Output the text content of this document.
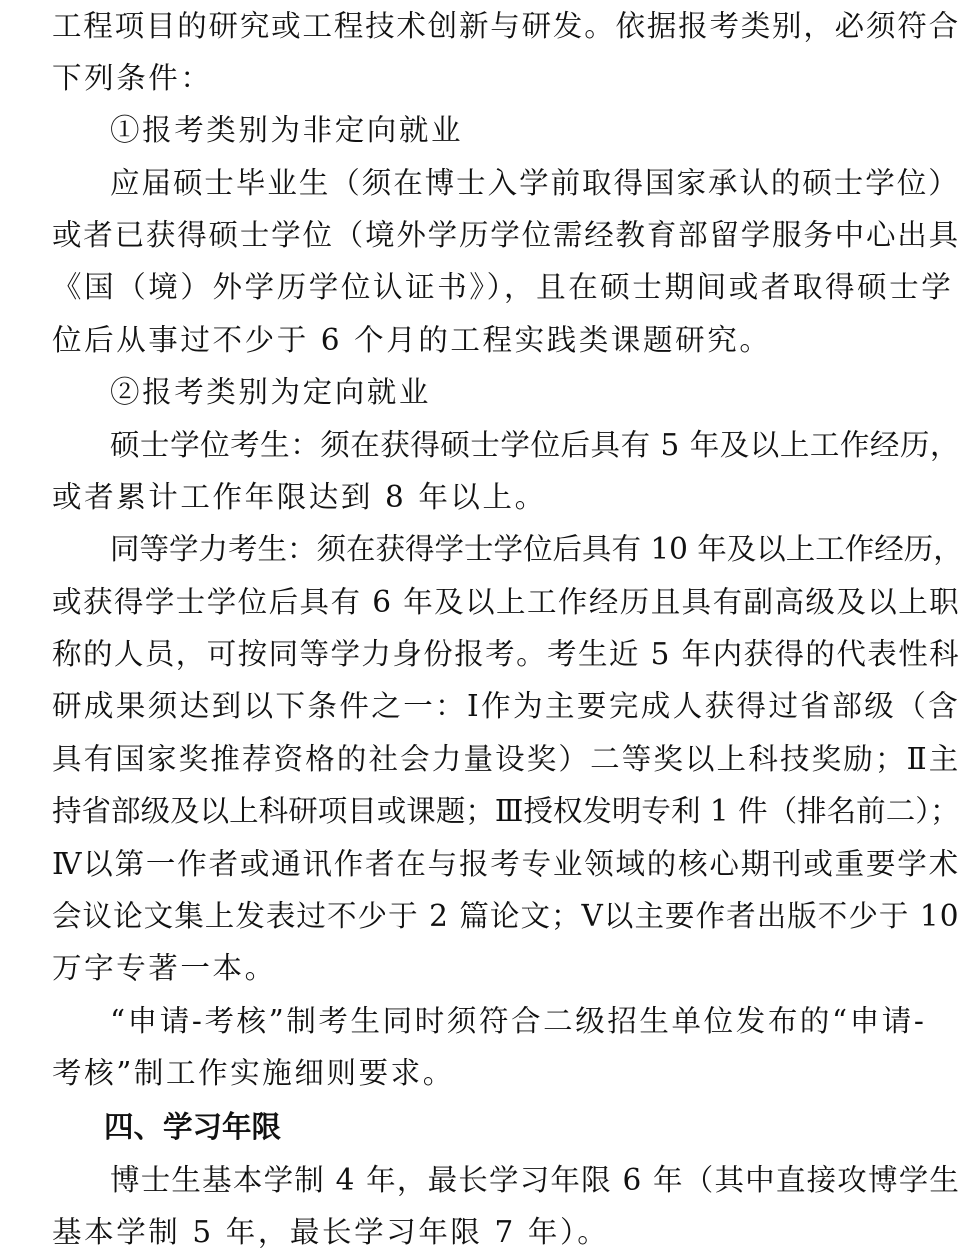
工程项目的研究或工程技术创新与研发。依据报考类别，必须符合
下列条件：
①报考类别为非定向就业
应届硕士毕业生（须在博士入学前取得国家承认的硕士学位）
或者已获得硕士学位（境外学历学位需经教育部留学服务中心出具
《国（境）外学历学位认证书》），且在硕士期间或者取得硕士学
位后从事过不少于 6 个月的工程实践类课题研究。
②报考类别为定向就业
硕士学位考生：须在获得硕士学位后具有 5 年及以上工作经历，
或者累计工作年限达到 8 年以上。
同等学力考生：须在获得学士学位后具有 10 年及以上工作经历，
或获得学士学位后具有 6 年及以上工作经历且具有副高级及以上职
称的人员，可按同等学力身份报考。考生近 5 年内获得的代表性科
研成果须达到以下条件之一：Ⅰ作为主要完成人获得过省部级（含
具有国家奖推荐资格的社会力量设奖）二等奖以上科技奖励；Ⅱ主
持省部级及以上科研项目或课题；Ⅲ授权发明专利 1 件（排名前二）；
Ⅳ以第一作者或通讯作者在与报考专业领域的核心期刊或重要学术
会议论文集上发表过不少于 2 篇论文；Ⅴ以主要作者出版不少于 10
万字专著一本。
“申请-考核”制考生同时须符合二级招生单位发布的“申请-
考核”制工作实施细则要求。
四、学习年限
博士生基本学制 4 年，最长学习年限 6 年（其中直接攻博学生
基本学制 5 年，最长学习年限 7 年）。
